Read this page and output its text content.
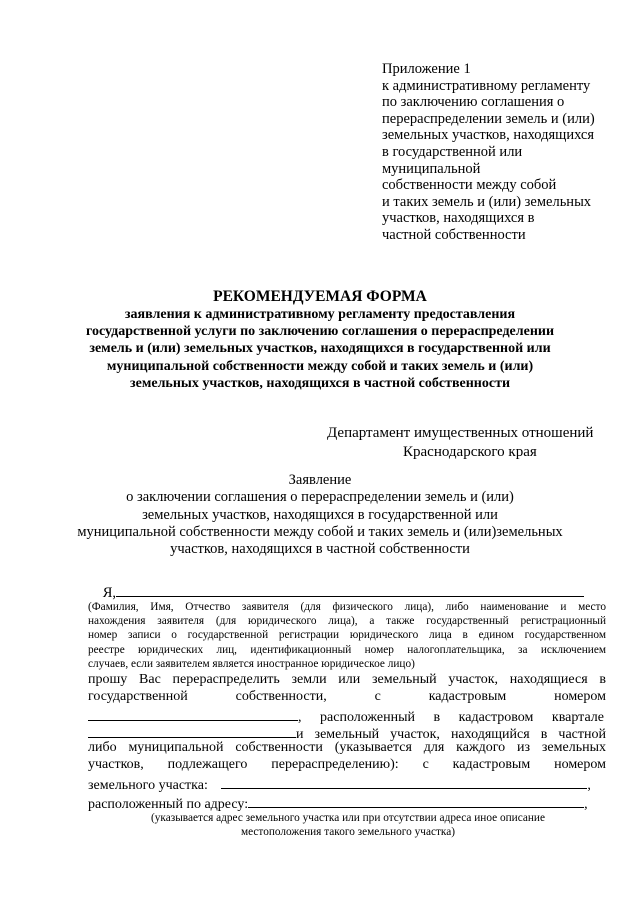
Приложение 1
к административному регламенту
по заключению соглашения о
перераспределении земель и (или)
земельных участков, находящихся
в государственной или
муниципальной
собственности между собой
и таких земель и (или) земельных
участков, находящихся в
частной собственности
РЕКОМЕНДУЕМАЯ ФОРМА
заявления к административному регламенту предоставления
государственной услуги по заключению соглашения о перераспределении
земель и (или) земельных участков, находящихся в государственной или
муниципальной собственности между собой и таких земель и (или)
земельных участков, находящихся в частной собственности
Департамент имущественных отношений
Краснодарского края
Заявление
о заключении соглашения о перераспределении земель и (или)
земельных участков, находящихся в государственной или
муниципальной собственности между собой и таких земель и (или)земельных
участков, находящихся в частной собственности
Я,
(Фамилия, Имя, Отчество заявителя (для физического лица), либо наименование и место
нахождения заявителя (для юридического лица), а также государственный регистрационный
номер записи о государственной регистрации юридического лица в едином государственном
реестре юридических лиц, идентификационный номер налогоплательщика, за исключением
случаев, если заявителем является иностранное юридическое лицо)
прошу Вас перераспределить земли или земельный участок, находящиеся в
государственной собственности, с кадастровым номером
, расположенный в кадастровом квартале
и земельный участок, находящийся в частной
либо муниципальной собственности (указывается для каждого из земельных
участков, подлежащего перераспределению): с кадастровым номером
земельного участка:	,
расположенный по адресу:	,
(указывается адрес земельного участка или при отсутствии адреса иное описание
местоположения такого земельного участка)
